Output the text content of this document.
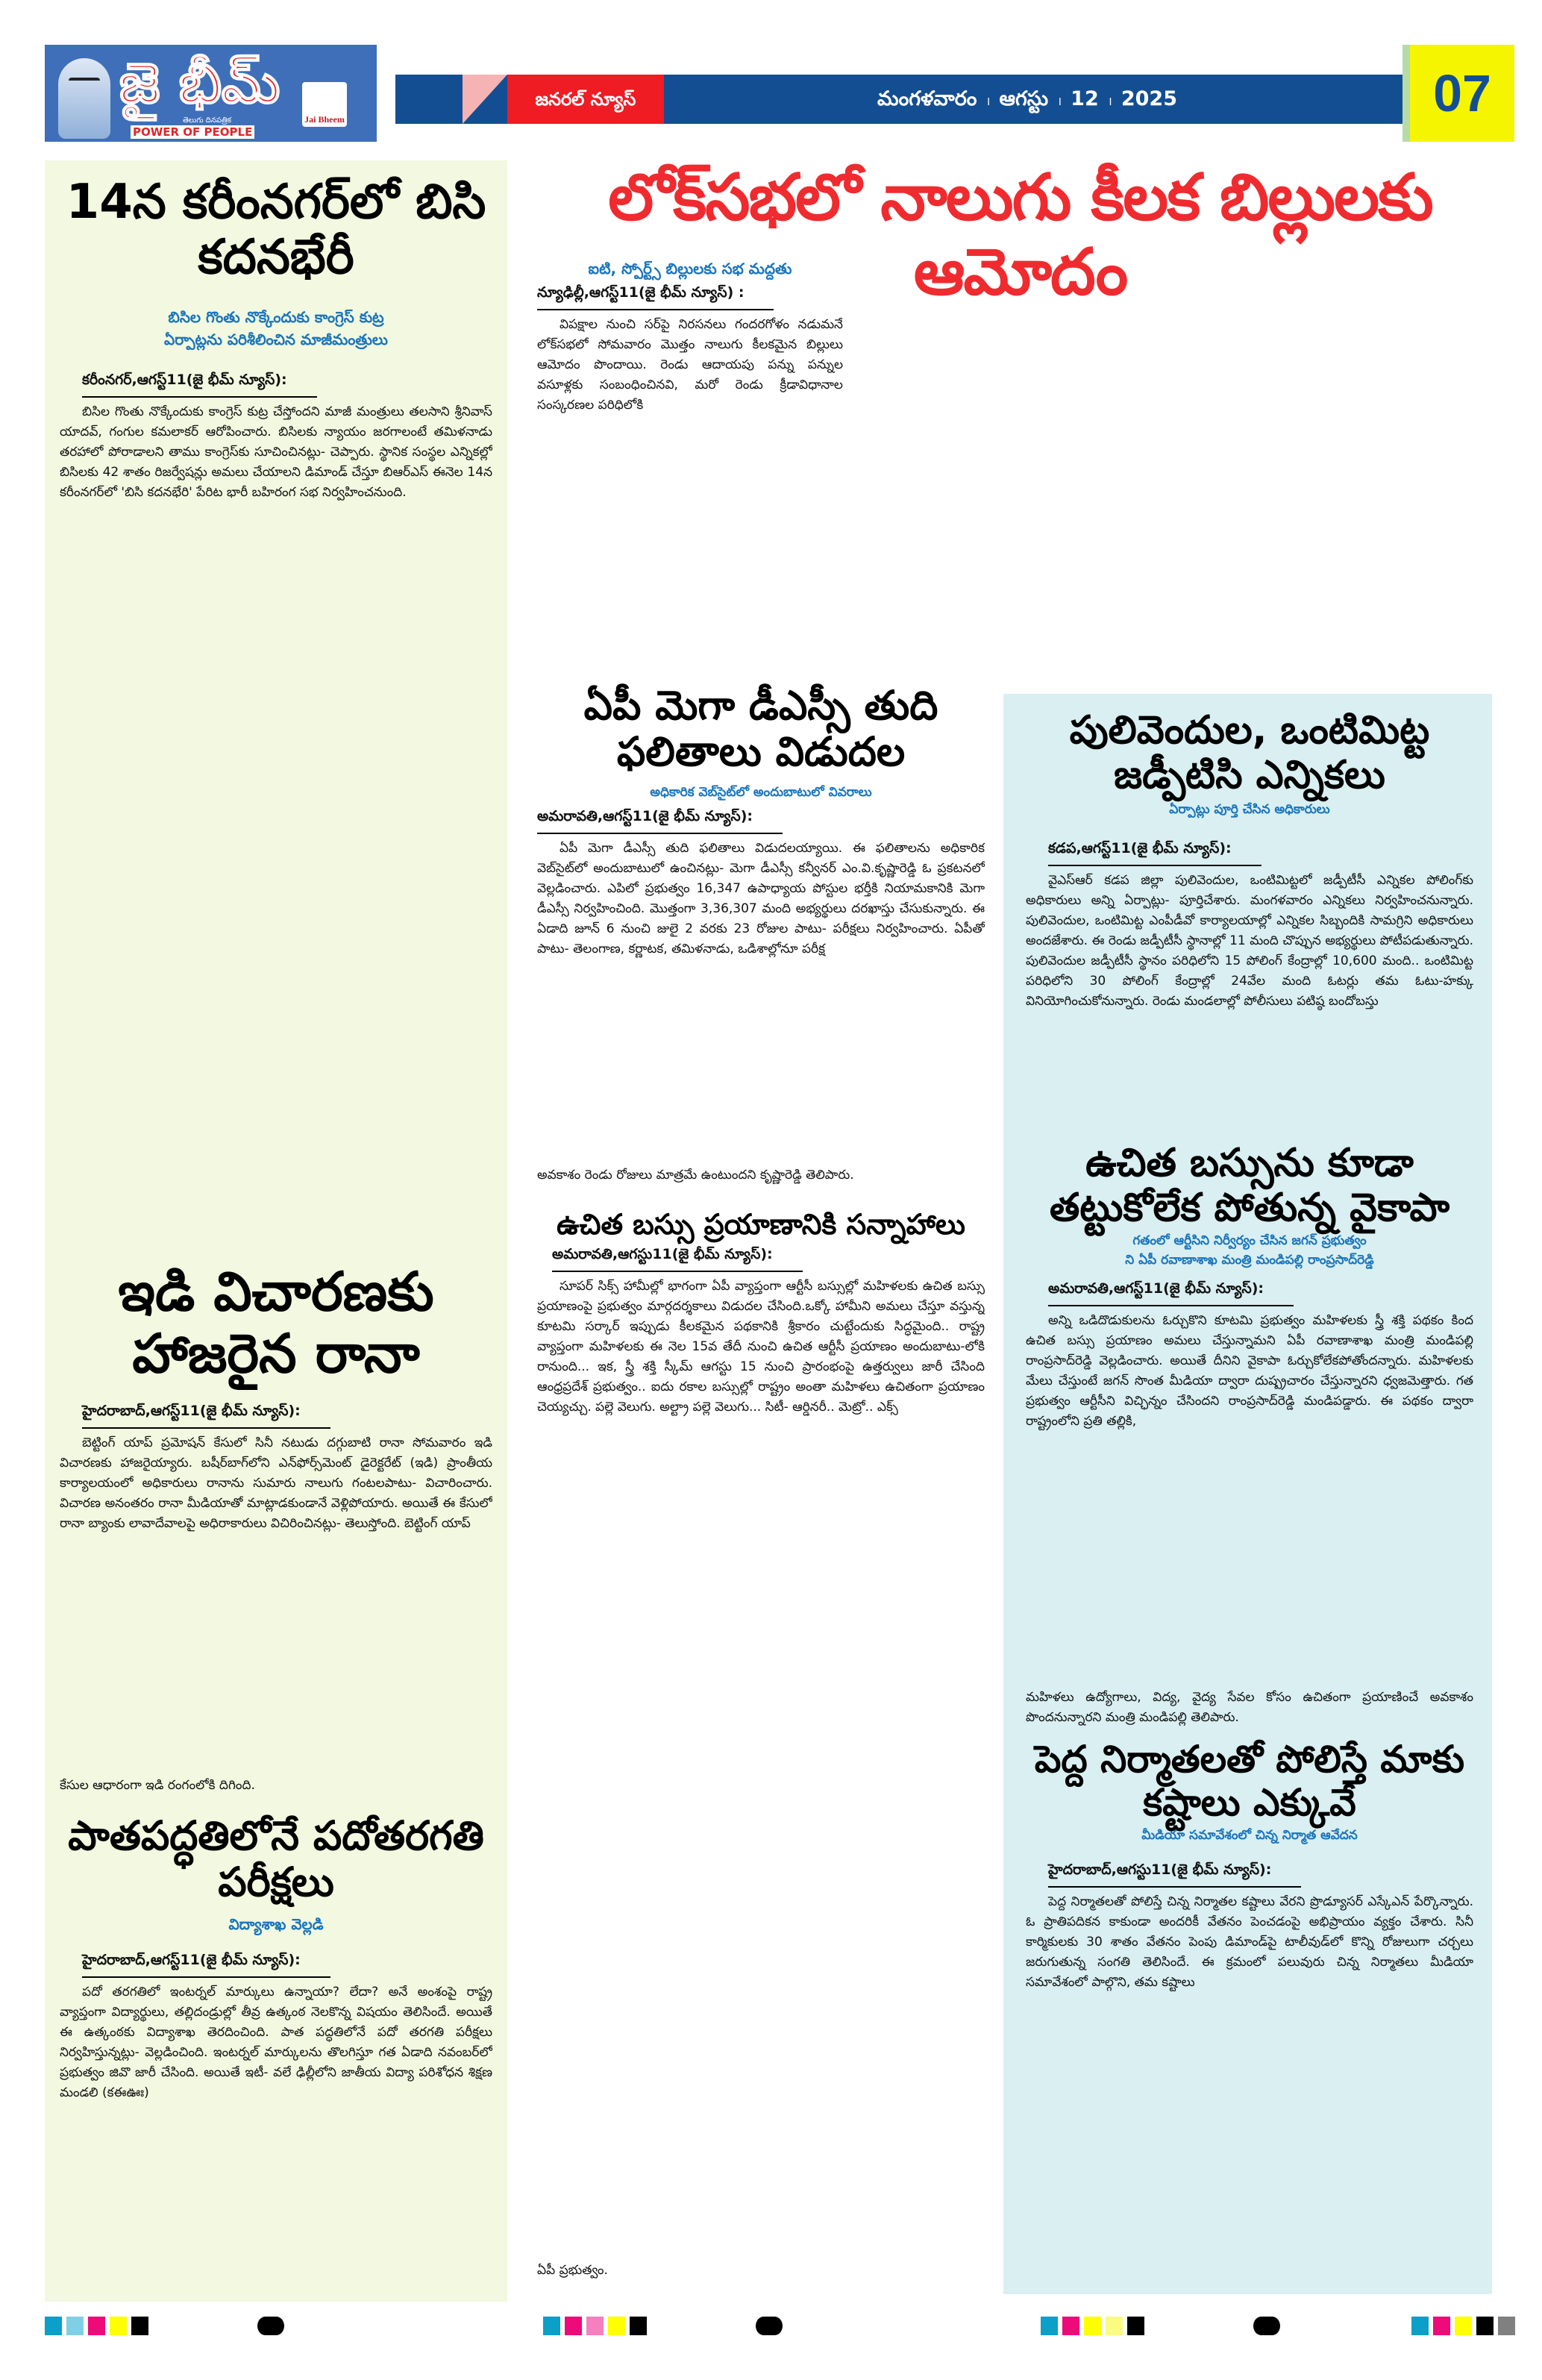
జై భీమ్
తెలుగు దినపత్రిక
POWER OF PEOPLE
Jai Bheem
జనరల్ న్యూస్	మంగళవారం । ఆగస్టు । 12 । 2025	07
లోక్‌సభలో నాలుగు కీలక బిల్లులకు ఆమోదం
ఐటి, స్పోర్ట్స్ బిల్లులకు సభ మద్దతు
న్యూఢిల్లీ,ఆగస్ట్11(జై భీమ్ న్యూస్) :

విపక్షాల నుంచి సర్‌పై నిరసనలు గందరగోళం నడుమనే లోక్‌సభలో సోమవారం మొత్తం నాలుగు కీలకమైన బిల్లులు ఆమోదం పొందాయి. రెండు ఆదాయపు పన్ను పన్నుల వసూళ్లకు సంబంధించినవి, మరో రెండు క్రీడావిధానాల సంస్కరణల పరిధిలోకి

14న కరీంనగర్‌లో బిసి కదనభేరీ
బిసిల గొంతు నొక్కేందుకు కాంగ్రెస్ కుట్ర
ఏర్పాట్లను పరిశీలించిన మాజీమంత్రులు
కరీంనగర్,ఆగస్ట్11(జై భీమ్ న్యూస్):

బిసిల గొంతు నొక్కేందుకు కాంగ్రెస్ కుట్ర చేస్తోందని మాజీ మంత్రులు తలసాని శ్రీనివాస్ యాదవ్, గంగుల కమలాకర్ ఆరోపించారు. బిసిలకు న్యాయం జరగాలంటే తమిళనాడు తరహాలో పోరాడాలని తాము కాంగ్రెస్‌కు సూచించినట్లు- చెప్పారు. స్థానిక సంస్థల ఎన్నికల్లో బిసిలకు 42 శాతం రిజర్వేషన్లు అమలు చేయాలని డిమాండ్ చేస్తూ బిఆర్ఎస్ ఈనెల 14న కరీంనగర్‌లో 'బిసి కదనభేరి' పేరిట భారీ బహిరంగ సభ నిర్వహించనుంది.

ఇడి విచారణకు హాజరైన రానా
హైదరాబాద్,ఆగస్ట్11(జై భీమ్ న్యూస్):

బెట్టింగ్ యాప్ ప్రమోషన్ కేసులో సినీ నటుడు దగ్గుబాటి రానా సోమవారం ఇడి విచారణకు హాజరైయ్యారు. బషీర్‌బాగ్‌లోని ఎన్‌ఫోర్స్‌మెంట్ డైరెక్టరేట్ (ఇడి) ప్రాంతీయ కార్యాలయంలో అధికారులు రానాను సుమారు నాలుగు గంటలపాటు- విచారించారు. విచారణ అనంతరం రానా మీడియాతో మాట్లాడకుండానే వెళ్లిపోయారు. అయితే ఈ కేసులో రానా బ్యాంకు లావాదేవాలపై అధిరాకారులు విచిరించినట్లు- తెలుస్తోంది. బెట్టింగ్ యాప్

కేసుల ఆధారంగా ఇడి రంగంలోకి దిగింది.

పాతపద్ధతిలోనే పదోతరగతి పరీక్షలు
విద్యాశాఖ వెల్లడి
హైదరాబాద్,ఆగస్ట్11(జై భీమ్ న్యూస్):

పదో తరగతిలో ఇంటర్నల్ మార్కులు ఉన్నాయా? లేదా? అనే అంశంపై రాష్ట్ర వ్యాప్తంగా విద్యార్థులు, తల్లిదండ్రుల్లో తీవ్ర ఉత్కంఠ నెలకొన్న విషయం తెలిసిందే. అయితే ఈ ఉత్కంఠకు విద్యాశాఖ తెరదించింది. పాత పద్ధతిలోనే పదో తరగతి పరీక్షలు నిర్వహిస్తున్నట్లు- వెల్లడించింది. ఇంటర్నల్ మార్కులను తొలగిస్తూ గత ఏడాది నవంబర్‌లో ప్రభుత్వం జివొ జారీ చేసింది. అయితే ఇటీ- వలే ఢిల్లీలోని జాతీయ విద్యా పరిశోధన శిక్షణ మండలి (కఈఊః)

ఏపీ మెగా డీఎస్సీ తుది ఫలితాలు విడుదల
అధికారిక వెబ్‌సైట్‌లో అందుబాటులో వివరాలు
అమరావతి,ఆగస్ట్11(జై భీమ్ న్యూస్):

ఏపీ మెగా డీఎస్సీ తుది ఫలితాలు విడుదలయ్యాయి. ఈ ఫలితాలను అధికారిక వెబ్‌సైట్‌లో అందుబాటులో ఉంచినట్లు- మెగా డీఎస్సీ కన్వీనర్ ఎం.వి.కృష్ణారెడ్డి ఓ ప్రకటనలో వెల్లడించారు. ఎపిలో ప్రభుత్వం 16,347 ఉపాధ్యాయ పోస్టుల భర్తీకి నియామకానికి మెగా డీఎస్సీ నిర్వహించింది. మొత్తంగా 3,36,307 మంది అభ్యర్థులు దరఖాస్తు చేసుకున్నారు. ఈ ఏడాది జూన్ 6 నుంచి జులై 2 వరకు 23 రోజుల పాటు- పరీక్షలు నిర్వహించారు. ఏపీతో పాటు- తెలంగాణ, కర్ణాటక, తమిళనాడు, ఒడిశాల్లోనూ పరీక్ష

అవకాశం రెండు రోజులు మాత్రమే ఉంటుందని కృష్ణారెడ్డి తెలిపారు.

ఉచిత బస్సు ప్రయాణానికి సన్నాహాలు
అమరావతి,ఆగస్టు11(జై భీమ్ న్యూస్):

సూపర్ సిక్స్ హామీల్లో భాగంగా ఏపీ వ్యాప్తంగా ఆర్టీసీ బస్సుల్లో మహిళలకు ఉచిత బస్సు ప్రయాణంపై ప్రభుత్వం మార్గదర్శకాలు విడుదల చేసింది.ఒక్కో హామీని అమలు చేస్తూ వస్తున్న కూటమి సర్కార్ ఇప్పుడు కీలకమైన పథకానికి శ్రీకారం చుట్టేందుకు సిద్ధమైంది.. రాష్ట్ర వ్యాప్తంగా మహిళలకు ఈ నెల 15వ తేదీ నుంచి ఉచిత ఆర్టీసీ ప్రయాణం అందుబాటు-లోకి రానుంది... ఇక, స్త్రీ శక్తి స్కీమ్ ఆగస్టు 15 నుంచి ప్రారంభంపై ఉత్తర్వులు జారీ చేసింది ఆంధ్రప్రదేశ్ ప్రభుత్వం.. ఐదు రకాల బస్సుల్లో రాష్ట్రం అంతా మహిళలు ఉచితంగా ప్రయాణం చెయ్యచ్చు. పల్లె వెలుగు. అల్ట్రా పల్లె వెలుగు... సిటీ- ఆర్డినరీ.. మెట్రో.. ఎక్స్

ఏపీ ప్రభుత్వం.

పులివెందుల, ఒంటిమిట్ట జడ్పీటిసి ఎన్నికలు
ఏర్పాట్లు పూర్తి చేసిన అధికారులు
కడప,ఆగస్ట్11(జై భీమ్ న్యూస్):

వైఎస్ఆర్ కడప జిల్లా పులివెందుల, ఒంటిమిట్టలో జడ్పీటీసీ ఎన్నికల పోలింగ్‌కు అధికారులు అన్ని ఏర్పాట్లు- పూర్తిచేశారు. మంగళవారం ఎన్నికలు నిర్వహించనున్నారు. పులివెందుల, ఒంటిమిట్ట ఎంపీడీవో కార్యాలయాల్లో ఎన్నికల సిబ్బందికి సామగ్రిని అధికారులు అందజేశారు. ఈ రెండు జడ్పీటీసీ స్థానాల్లో 11 మంది చొప్పున అభ్యర్థులు పోటీపడుతున్నారు. పులివెందుల జడ్పీటీసీ స్థానం పరిధిలోని 15 పోలింగ్ కేంద్రాల్లో 10,600 మంది.. ఒంటిమిట్ట పరిధిలోని 30 పోలింగ్ కేంద్రాల్లో 24వేల మంది ఓటర్లు తమ ఓటు-హక్కు వినియోగించుకోనున్నారు. రెండు మండలాల్లో పోలీసులు పటిష్ఠ బందోబస్తు

ఉచిత బస్సును కూడా తట్టుకోలేక పోతున్న వైకాపా
గతంలో ఆర్టీసిని నిర్వీర్యం చేసిన జగన్ ప్రభుత్వం
ని ఏపీ రవాణాశాఖ మంత్రి మండిపల్లి రాంప్రసాద్‌రెడ్డి
అమరావతి,ఆగస్ట్11(జై భీమ్ న్యూస్):

అన్ని ఒడిదొడుకులను ఓర్చుకొని కూటమి ప్రభుత్వం మహిళలకు స్త్రీ శక్తి పథకం కింద ఉచిత బస్సు ప్రయాణం అమలు చేస్తున్నామని ఏపీ రవాణాశాఖ మంత్రి మండిపల్లి రాంప్రసాద్‌రెడ్డి వెల్లడించారు. అయితే దీనిని వైకాపా ఓర్చుకోలేకపోతోందన్నారు. మహిళలకు మేలు చేస్తుంటే జగన్ సొంత మీడియా ద్వారా దుష్ప్రచారం చేస్తున్నారని ధ్వజమెత్తారు. గత ప్రభుత్వం ఆర్టీసీని విచ్ఛిన్నం చేసిందని రాంప్రసాద్‌రెడ్డి మండిపడ్డారు. ఈ పథకం ద్వారా రాష్ట్రంలోని ప్రతి తల్లికి,

మహిళలు ఉద్యోగాలు, విద్య, వైద్య సేవల కోసం ఉచితంగా ప్రయాణించే అవకాశం పొందనున్నారని మంత్రి మండిపల్లి తెలిపారు.

పెద్ద నిర్మాతలతో పోలిస్తే మాకు కష్టాలు ఎక్కువే
మీడియా సమావేశంలో చిన్న నిర్మాత ఆవేదన
హైదరాబాద్,ఆగస్టు11(జై భీమ్ న్యూస్):

పెద్ద నిర్మాతలతో పోలిస్తే చిన్న నిర్మాతల కష్టాలు వేరని ప్రొడ్యూసర్ ఎస్కేఎన్ పేర్కొన్నారు. ఓ ప్రాతిపదికన కాకుండా అందరికీ వేతనం పెంచడంపై అభిప్రాయం వ్యక్తం చేశారు. సినీ కార్మికులకు 30 శాతం వేతనం పెంపు డిమాండ్‌పై టాలీవుడ్‌లో కొన్ని రోజులుగా చర్చలు జరుగుతున్న సంగతి తెలిసిందే. ఈ క్రమంలో పలువురు చిన్న నిర్మాతలు మీడియా సమావేశంలో పాల్గొని, తమ కష్టాలు
